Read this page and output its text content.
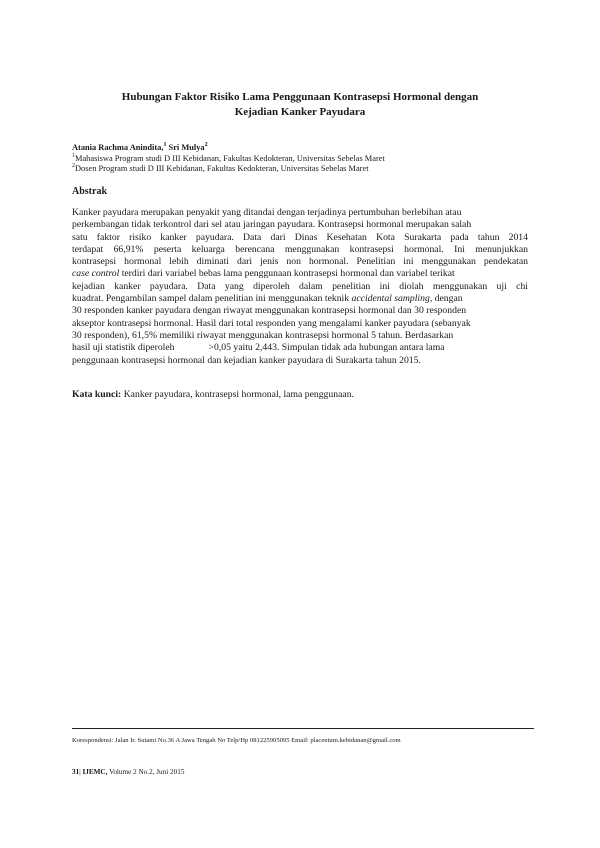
Hubungan Faktor Risiko Lama Penggunaan Kontrasepsi Hormonal dengan
Kejadian Kanker Payudara
Atania Rachma Anindita,$^1$ Sri Mulya$^2$
$^1$Mahasiswa Program studi D III Kebidanan, Fakultas Kedokteran, Universitas Sebelas Maret
$^2$Dosen Program studi D III Kebidanan, Fakultas Kedokteran, Universitas Sebelas Maret
Abstrak
Kanker payudara merupakan penyakit yang ditandai dengan terjadinya pertumbuhan berlebihan atau
perkembangan tidak terkontrol dari sel atau jaringan payudara. Kontrasepsi hormonal merupakan salah
satu faktor risiko kanker payudara. Data dari Dinas Kesehatan Kota Surakarta pada tahun 2014
terdapat 66,91% peserta keluarga berencana menggunakan kontrasepsi hormonal. Ini menunjukkan
kontrasepsi hormonal lebih diminati dari jenis non hormonal. Penelitian ini menggunakan pendekatan
case control terdiri dari variabel bebas lama penggunaan kontrasepsi hormonal dan variabel terikat
kejadian kanker payudara. Data yang diperoleh dalam penelitian ini diolah menggunakan uji chi
kuadrat. Pengambilan sampel dalam penelitian ini menggunakan teknik accidental sampling, dengan
30 responden kanker payudara dengan riwayat menggunakan kontrasepsi hormonal dan 30 responden
akseptor kontrasepsi hormonal. Hasil dari total responden yang mengalami kanker payudara (sebanyak
30 responden), 61,5% memiliki riwayat menggunakan kontrasepsi hormonal 5 tahun. Berdasarkan
hasil uji statistik diperoleh	>0,05 yaitu 2,443. Simpulan tidak ada hubungan antara lama
penggunaan kontrasepsi hormonal dan kejadian kanker payudara di Surakarta tahun 2015.
Kata kunci: Kanker payudara, kontrasepsi hormonal, lama penggunaan.
Korespondensi: Jalan Ir. Sutami No.36 A Jawa Tengah No Telp/Hp 081225905095 Email: placentum.kebidanan@gmail.com
31| IJEMC, Volume 2 No.2, Juni 2015
